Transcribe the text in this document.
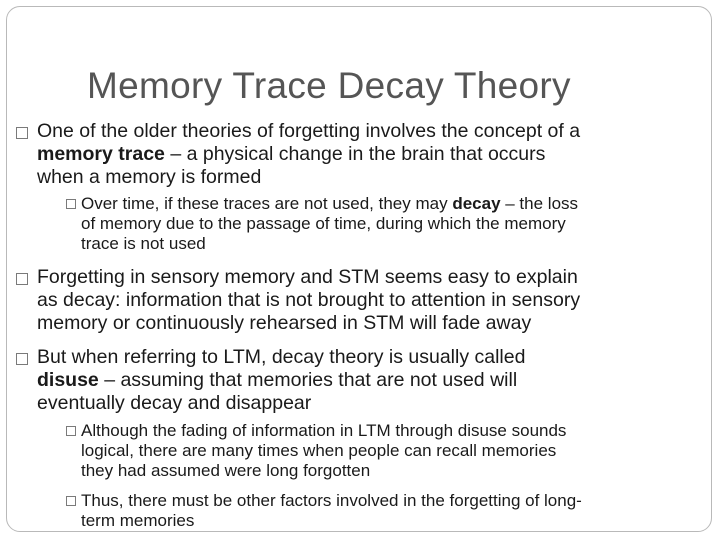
Memory Trace Decay Theory
One of the older theories of forgetting involves the concept of a
memory trace – a physical change in the brain that occurs
when a memory is formed
Over time, if these traces are not used, they may decay – the loss
of memory due to the passage of time, during which the memory
trace is not used
Forgetting in sensory memory and STM seems easy to explain
as decay: information that is not brought to attention in sensory
memory or continuously rehearsed in STM will fade away
But when referring to LTM, decay theory is usually called
disuse – assuming that memories that are not used will
eventually decay and disappear
Although the fading of information in LTM through disuse sounds
logical, there are many times when people can recall memories
they had assumed were long forgotten
Thus, there must be other factors involved in the forgetting of long-
term memories
